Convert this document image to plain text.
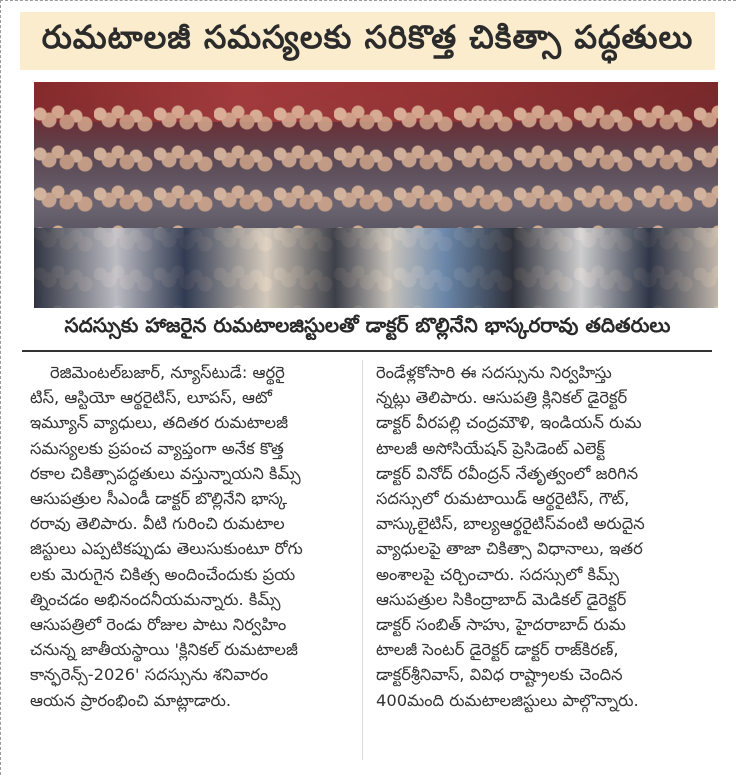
రుమటాలజీ సమస్యలకు సరికొత్త చికిత్సా పద్ధతులు
సదస్సుకు హాజరైన రుమటాలజిస్టులతో డాక్టర్ బొల్లినేని భాస్కరరావు తదితరులు
రెజిమెంటల్‌బజార్, న్యూస్‌టుడే: ఆర్థరై
టిస్, ఆస్టియో ఆర్థరైటిస్, లూపస్, ఆటో
ఇమ్యూన్ వ్యాధులు, తదితర రుమటాలజీ
సమస్యలకు ప్రపంచ వ్యాప్తంగా అనేక కొత్త
రకాల చికిత్సాపద్ధతులు వస్తున్నాయని కిమ్స్
ఆసుపత్రుల సీఎండీ డాక్టర్ బొల్లినేని భాస్క
రరావు తెలిపారు. వీటి గురించి రుమటాల
జిస్టులు ఎప్పటికప్పుడు తెలుసుకుంటూ రోగు
లకు మెరుగైన చికిత్స అందించేందుకు ప్రయ
త్నించడం అభినందనీయమన్నారు. కిమ్స్
ఆసుపత్రిలో రెండు రోజుల పాటు నిర్వహిం
చనున్న జాతీయస్థాయి 'క్లినికల్ రుమటాలజీ
కాన్ఫరెన్స్-2026' సదస్సును శనివారం
ఆయన ప్రారంభించి మాట్లాడారు.
రెండేళ్లకోసారి ఈ సదస్సును నిర్వహిస్తు
న్నట్లు తెలిపారు. ఆసుపత్రి క్లినికల్ డైరెక్టర్
డాక్టర్ వీరపల్లి చంద్రమౌళి, ఇండియన్ రుమ
టాలజీ అసోసియేషన్ ప్రెసిడెంట్ ఎలెక్ట్
డాక్టర్ వినోద్ రవీంద్రన్ నేతృత్వంలో జరిగిన
సదస్సులో రుమటాయిడ్ ఆర్థరైటిస్, గౌట్,
వాస్కులైటిస్, బాల్యఆర్థరైటిస్‌వంటి అరుదైన
వ్యాధులపై తాజా చికిత్సా విధానాలు, ఇతర
అంశాలపై చర్చించారు. సదస్సులో కిమ్స్
ఆసుపత్రుల సికింద్రాబాద్ మెడికల్ డైరెక్టర్
డాక్టర్ సంబిత్ సాహు, హైదరాబాద్ రుమ
టాలజీ సెంటర్ డైరెక్టర్ డాక్టర్ రాజ్‌కిరణ్,
డాక్టర్‌శ్రీనివాస్, వివిధ రాష్ట్రాలకు చెందిన
400మంది రుమటాలజిస్టులు పాల్గొన్నారు.
